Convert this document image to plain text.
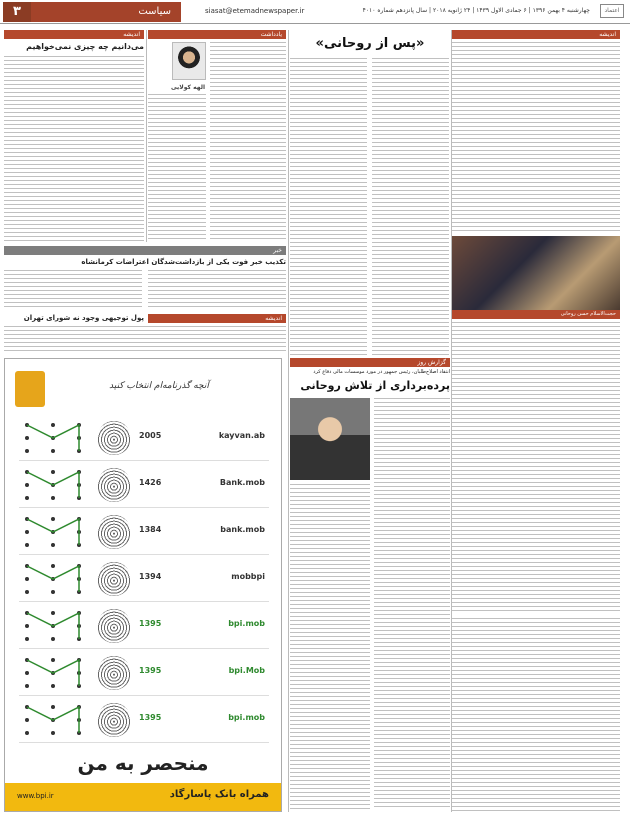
۳	سیاست	siasat@etemadnewspaper.ir	چهارشنبه ۴ بهمن ۱۳۹۶ | ۶ جمادی الاول ۱۴۳۹ | ۲۴ ژانویه ۲۰۱۸ | سال پانزدهم شماره ۴۰۱۰	اعتماد
اندیشه
حجت‌الاسلام حسن روحانی
«پس از روحانی»
گزارش روز
انتقاد اصلاح‌طلبان، رئیس جمهور در مورد موسسات مالی دفاع کرد
پرده‌برداری از تلاش روحانی
یادداشت
الهه کولایی
اندیشه
می‌دانیم چه چیزی نمی‌خواهیم
خبر
تکذیب خبر فوت یکی از بازداشت‌شدگان اعتراضات کرمانشاه
اندیشه
پول توجیهی وجود نه شورای تهران
آنچه گذرنامه‌ام انتخاب کنید
2005	kayvan.ab
1426	Bank.mob
1384	bank.mob
1394	mobbpi
1395	bpi.mob
1395	bpi.Mob
1395	bpi.mob
منحصر به من
همراه بانک پاسارگاد
www.bpi.ir
